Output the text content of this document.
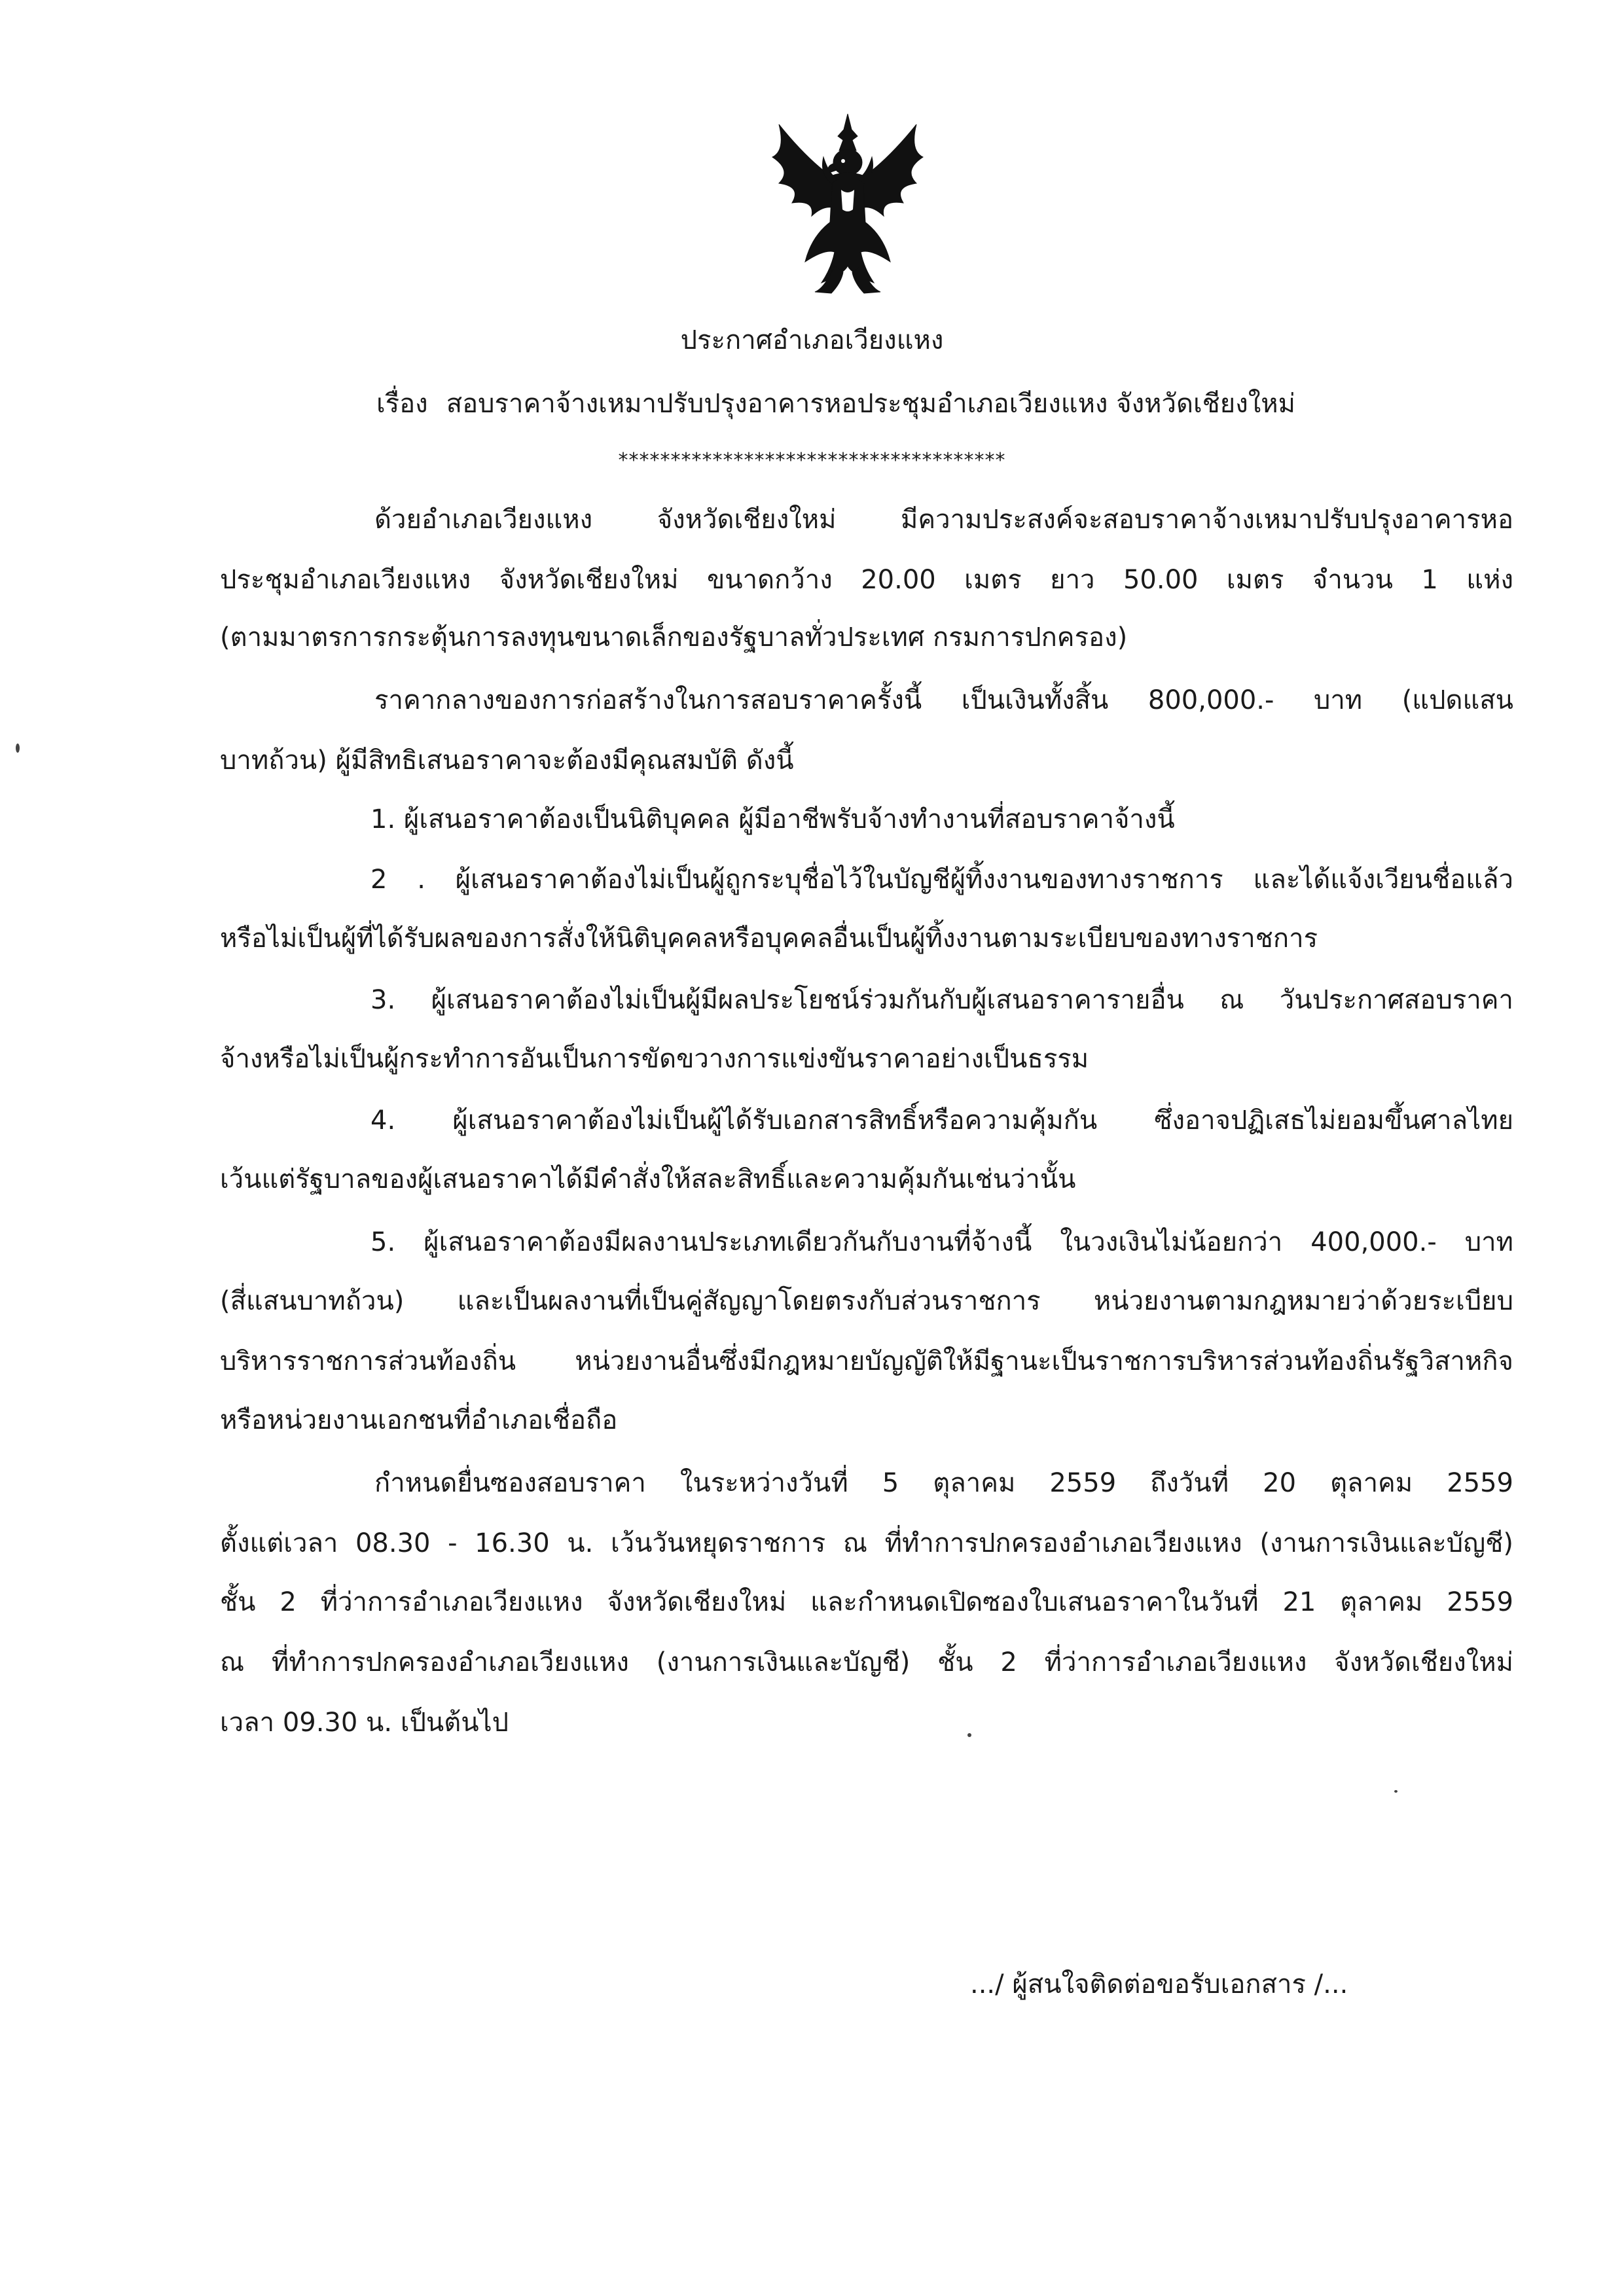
ประกาศอำเภอเวียงแหง
เรื่อง สอบราคาจ้างเหมาปรับปรุงอาคารหอประชุมอำเภอเวียงแหง จังหวัดเชียงใหม่
*************************************
ด้วยอำเภอเวียงแหง จังหวัดเชียงใหม่ มีความประสงค์จะสอบราคาจ้างเหมาปรับปรุงอาคารหอ
ประชุมอำเภอเวียงแหง จังหวัดเชียงใหม่ ขนาดกว้าง 20.00 เมตร ยาว 50.00 เมตร จำนวน 1 แห่ง
(ตามมาตรการกระตุ้นการลงทุนขนาดเล็กของรัฐบาลทั่วประเทศ กรมการปกครอง)
ราคากลางของการก่อสร้างในการสอบราคาครั้งนี้ เป็นเงินทั้งสิ้น 800,000.- บาท (แปดแสน
บาทถ้วน) ผู้มีสิทธิเสนอราคาจะต้องมีคุณสมบัติ ดังนี้
1. ผู้เสนอราคาต้องเป็นนิติบุคคล ผู้มีอาชีพรับจ้างทำงานที่สอบราคาจ้างนี้
2 . ผู้เสนอราคาต้องไม่เป็นผู้ถูกระบุชื่อไว้ในบัญชีผู้ทิ้งงานของทางราชการ และได้แจ้งเวียนชื่อแล้ว
หรือไม่เป็นผู้ที่ได้รับผลของการสั่งให้นิติบุคคลหรือบุคคลอื่นเป็นผู้ทิ้งงานตามระเบียบของทางราชการ
3. ผู้เสนอราคาต้องไม่เป็นผู้มีผลประโยชน์ร่วมกันกับผู้เสนอราคารายอื่น ณ วันประกาศสอบราคา
จ้างหรือไม่เป็นผู้กระทำการอันเป็นการขัดขวางการแข่งขันราคาอย่างเป็นธรรม
4. ผู้เสนอราคาต้องไม่เป็นผู้ได้รับเอกสารสิทธิ์หรือความคุ้มกัน ซึ่งอาจปฏิเสธไม่ยอมขึ้นศาลไทย
เว้นแต่รัฐบาลของผู้เสนอราคาได้มีคำสั่งให้สละสิทธิ์และความคุ้มกันเช่นว่านั้น
5. ผู้เสนอราคาต้องมีผลงานประเภทเดียวกันกับงานที่จ้างนี้ ในวงเงินไม่น้อยกว่า 400,000.- บาท
(สี่แสนบาทถ้วน) และเป็นผลงานที่เป็นคู่สัญญาโดยตรงกับส่วนราชการ หน่วยงานตามกฎหมายว่าด้วยระเบียบ
บริหารราชการส่วนท้องถิ่น หน่วยงานอื่นซึ่งมีกฎหมายบัญญัติให้มีฐานะเป็นราชการบริหารส่วนท้องถิ่นรัฐวิสาหกิจ
หรือหน่วยงานเอกชนที่อำเภอเชื่อถือ
กำหนดยื่นซองสอบราคา ในระหว่างวันที่ 5 ตุลาคม 2559 ถึงวันที่ 20 ตุลาคม 2559
ตั้งแต่เวลา 08.30 - 16.30 น. เว้นวันหยุดราชการ ณ ที่ทำการปกครองอำเภอเวียงแหง (งานการเงินและบัญชี)
ชั้น 2 ที่ว่าการอำเภอเวียงแหง จังหวัดเชียงใหม่ และกำหนดเปิดซองใบเสนอราคาในวันที่ 21 ตุลาคม 2559
ณ ที่ทำการปกครองอำเภอเวียงแหง (งานการเงินและบัญชี) ชั้น 2 ที่ว่าการอำเภอเวียงแหง จังหวัดเชียงใหม่
เวลา 09.30 น. เป็นต้นไป
.../ ผู้สนใจติดต่อขอรับเอกสาร /...
